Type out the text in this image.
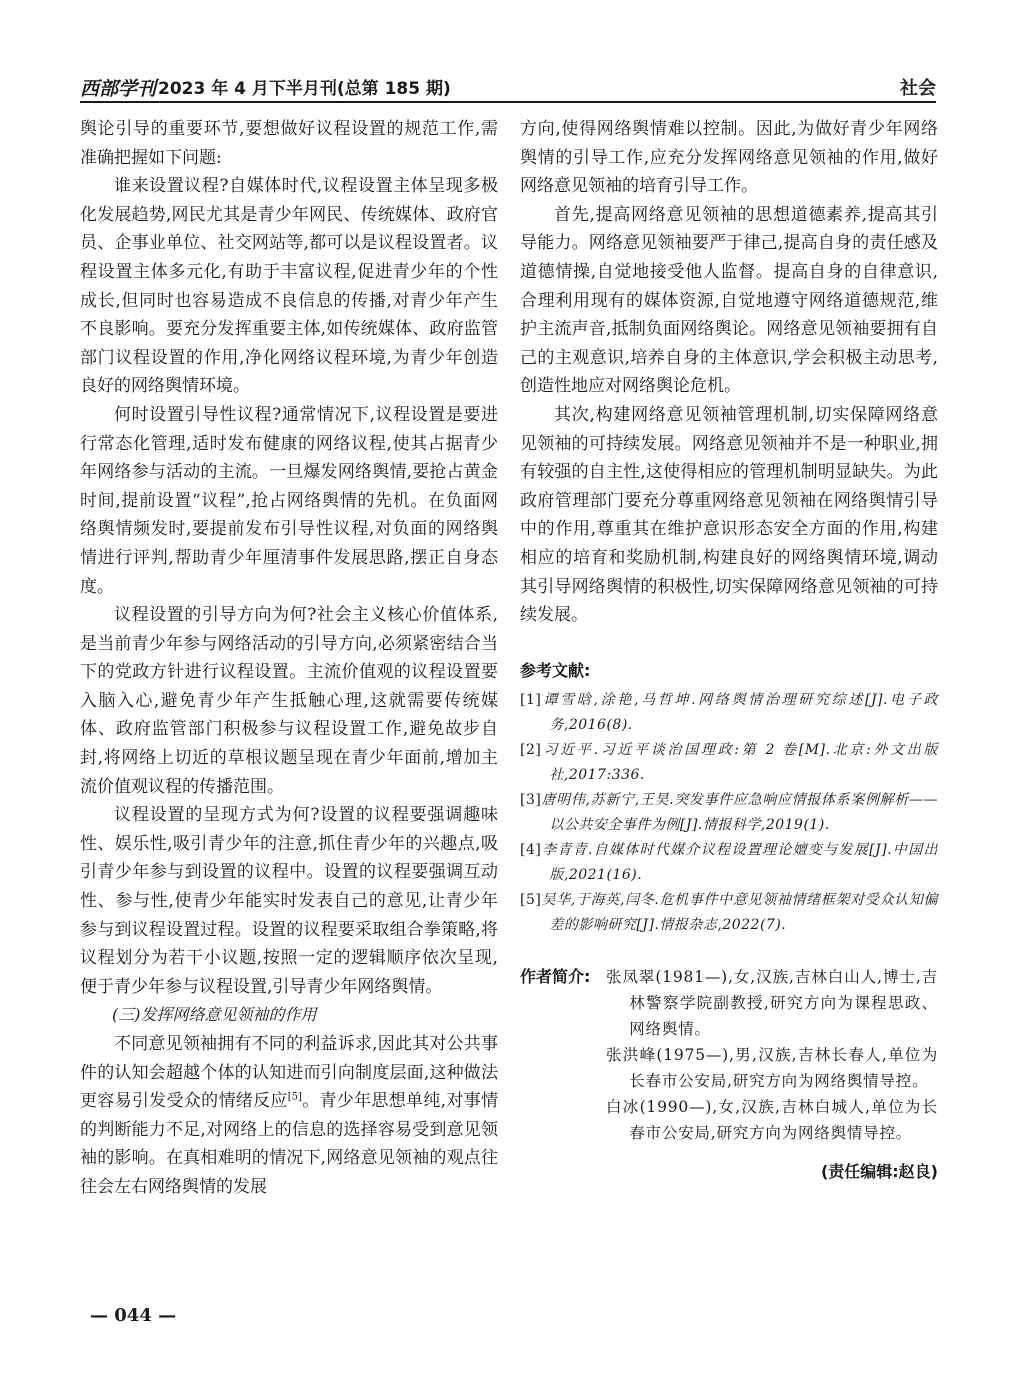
西部学刊 2023 年 4 月下半月刊(总第 185 期)	社会

舆论引导的重要环节,要想做好议程设置的规范工作,需准确把握如下问题:

谁来设置议程?自媒体时代,议程设置主体呈现多极化发展趋势,网民尤其是青少年网民、传统媒体、政府官员、企事业单位、社交网站等,都可以是议程设置者。议程设置主体多元化,有助于丰富议程,促进青少年的个性成长,但同时也容易造成不良信息的传播,对青少年产生不良影响。要充分发挥重要主体,如传统媒体、政府监管部门议程设置的作用,净化网络议程环境,为青少年创造良好的网络舆情环境。

何时设置引导性议程?通常情况下,议程设置是要进行常态化管理,适时发布健康的网络议程,使其占据青少年网络参与活动的主流。一旦爆发网络舆情,要抢占黄金时间,提前设置“议程”,抢占网络舆情的先机。在负面网络舆情频发时,要提前发布引导性议程,对负面的网络舆情进行评判,帮助青少年厘清事件发展思路,摆正自身态度。

议程设置的引导方向为何?社会主义核心价值体系,是当前青少年参与网络活动的引导方向,必须紧密结合当下的党政方针进行议程设置。主流价值观的议程设置要入脑入心,避免青少年产生抵触心理,这就需要传统媒体、政府监管部门积极参与议程设置工作,避免故步自封,将网络上切近的草根议题呈现在青少年面前,增加主流价值观议程的传播范围。

议程设置的呈现方式为何?设置的议程要强调趣味性、娱乐性,吸引青少年的注意,抓住青少年的兴趣点,吸引青少年参与到设置的议程中。设置的议程要强调互动性、参与性,使青少年能实时发表自己的意见,让青少年参与到议程设置过程。设置的议程要采取组合拳策略,将议程划分为若干小议题,按照一定的逻辑顺序依次呈现,便于青少年参与议程设置,引导青少年网络舆情。

(三)发挥网络意见领袖的作用

不同意见领袖拥有不同的利益诉求,因此其对公共事件的认知会超越个体的认知进而引向制度层面,这种做法更容易引发受众的情绪反应[5]。青少年思想单纯,对事情的判断能力不足,对网络上的信息的选择容易受到意见领袖的影响。在真相难明的情况下,网络意见领袖的观点往往会左右网络舆情的发展

方向,使得网络舆情难以控制。因此,为做好青少年网络舆情的引导工作,应充分发挥网络意见领袖的作用,做好网络意见领袖的培育引导工作。

首先,提高网络意见领袖的思想道德素养,提高其引导能力。网络意见领袖要严于律己,提高自身的责任感及道德情操,自觉地接受他人监督。提高自身的自律意识,合理利用现有的媒体资源,自觉地遵守网络道德规范,维护主流声音,抵制负面网络舆论。网络意见领袖要拥有自己的主观意识,培养自身的主体意识,学会积极主动思考,创造性地应对网络舆论危机。

其次,构建网络意见领袖管理机制,切实保障网络意见领袖的可持续发展。网络意见领袖并不是一种职业,拥有较强的自主性,这使得相应的管理机制明显缺失。为此政府管理部门要充分尊重网络意见领袖在网络舆情引导中的作用,尊重其在维护意识形态安全方面的作用,构建相应的培育和奖励机制,构建良好的网络舆情环境,调动其引导网络舆情的积极性,切实保障网络意见领袖的可持续发展。

参考文献:

[1]谭雪晗,涂艳,马哲坤.网络舆情治理研究综述[J].电子政务,2016(8).

[2]习近平.习近平谈治国理政:第 2 卷[M].北京:外文出版社,2017:336.

[3]唐明伟,苏新宁,王昊.突发事件应急响应情报体系案例解析——以公共安全事件为例[J].情报科学,2019(1).

[4]李青青.自媒体时代媒介议程设置理论嬗变与发展[J].中国出版,2021(16).

[5]吴华,于海英,闫冬.危机事件中意见领袖情绪框架对受众认知偏差的影响研究[J].情报杂志,2022(7).

作者简介: 张凤翠(1981—),女,汉族,吉林白山人,博士,吉林警察学院副教授,研究方向为课程思政、网络舆情。

张洪峰(1975—),男,汉族,吉林长春人,单位为长春市公安局,研究方向为网络舆情导控。

白冰(1990—),女,汉族,吉林白城人,单位为长春市公安局,研究方向为网络舆情导控。

(责任编辑:赵良)
— 044 —
